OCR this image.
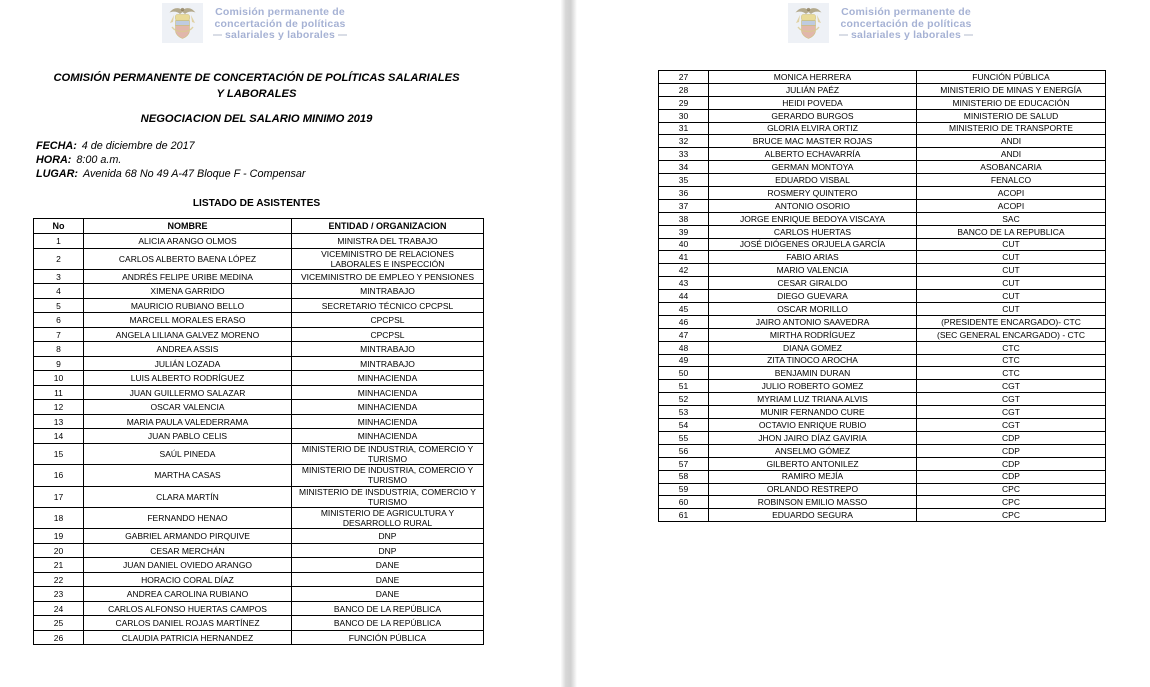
Comisión permanente de
concertación de políticas
salariales y laborales
COMISIÓN PERMANENTE DE CONCERTACIÓN DE POLÍTICAS SALARIALES
Y LABORALES
NEGOCIACION DEL SALARIO MINIMO 2019
FECHA: 4 de diciembre de 2017
HORA: 8:00 a.m.
LUGAR: Avenida 68 No 49 A-47 Bloque F - Compensar
LISTADO DE ASISTENTES
No	NOMBRE	ENTIDAD / ORGANIZACION
1	ALICIA ARANGO OLMOS	MINISTRA DEL TRABAJO
2	CARLOS ALBERTO BAENA LÓPEZ	VICEMINISTRO DE RELACIONES LABORALES E INSPECCIÓN
3	ANDRÉS FELIPE URIBE MEDINA	VICEMINISTRO DE EMPLEO Y PENSIONES
4	XIMENA GARRIDO	MINTRABAJO
5	MAURICIO RUBIANO BELLO	SECRETARIO TÉCNICO CPCPSL
6	MARCELL MORALES ERASO	CPCPSL
7	ANGELA LILIANA GALVEZ MORENO	CPCPSL
8	ANDREA ASSIS	MINTRABAJO
9	JULIÁN LOZADA	MINTRABAJO
10	LUIS ALBERTO RODRÍGUEZ	MINHACIENDA
11	JUAN GUILLERMO SALAZAR	MINHACIENDA
12	OSCAR VALENCIA	MINHACIENDA
13	MARIA PAULA VALEDERRAMA	MINHACIENDA
14	JUAN PABLO CELIS	MINHACIENDA
15	SAÚL PINEDA	MINISTERIO DE INDUSTRIA, COMERCIO Y TURISMO
16	MARTHA CASAS	MINISTERIO DE INDUSTRIA, COMERCIO Y TURISMO
17	CLARA MARTÍN	MINISTERIO DE INSDUSTRIA, COMERCIO Y TURISMO
18	FERNANDO HENAO	MINISTERIO DE AGRICULTURA Y DESARROLLO RURAL
19	GABRIEL ARMANDO PIRQUIVE	DNP
20	CESAR MERCHÁN	DNP
21	JUAN DANIEL OVIEDO ARANGO	DANE
22	HORACIO CORAL DÍAZ	DANE
23	ANDREA CAROLINA RUBIANO	DANE
24	CARLOS ALFONSO HUERTAS CAMPOS	BANCO DE LA REPÚBLICA
25	CARLOS DANIEL ROJAS MARTÍNEZ	BANCO DE LA REPÚBLICA
26	CLAUDIA PATRICIA HERNANDEZ	FUNCIÓN PÚBLICA
Comisión permanente de
concertación de políticas
salariales y laborales
27	MONICA HERRERA	FUNCIÓN PÚBLICA
28	JULIÁN PAÉZ	MINISTERIO DE MINAS Y ENERGÍA
29	HEIDI POVEDA	MINISTERIO DE EDUCACIÓN
30	GERARDO BURGOS	MINISTERIO DE SALUD
31	GLORIA ELVIRA ORTIZ	MINISTERIO DE TRANSPORTE
32	BRUCE MAC MASTER ROJAS	ANDI
33	ALBERTO ECHAVARRÍA	ANDI
34	GERMAN MONTOYA	ASOBANCARIA
35	EDUARDO VISBAL	FENALCO
36	ROSMERY QUINTERO	ACOPI
37	ANTONIO OSORIO	ACOPI
38	JORGE ENRIQUE BEDOYA VISCAYA	SAC
39	CARLOS HUERTAS	BANCO DE LA REPUBLICA
40	JOSÉ DIÓGENES ORJUELA GARCÍA	CUT
41	FABIO ARIAS	CUT
42	MARIO VALENCIA	CUT
43	CESAR GIRALDO	CUT
44	DIEGO GUEVARA	CUT
45	OSCAR MORILLO	CUT
46	JAIRO ANTONIO SAAVEDRA	(PRESIDENTE ENCARGADO)- CTC
47	MIRTHA RODRÍGUEZ	(SEC GENERAL ENCARGADO) - CTC
48	DIANA GOMEZ	CTC
49	ZITA TINOCO AROCHA	CTC
50	BENJAMIN DURAN	CTC
51	JULIO ROBERTO GOMEZ	CGT
52	MYRIAM LUZ TRIANA ALVIS	CGT
53	MUNIR FERNANDO CURE	CGT
54	OCTAVIO ENRIQUE RUBIO	CGT
55	JHON JAIRO DÍAZ GAVIRIA	CDP
56	ANSELMO GÓMEZ	CDP
57	GILBERTO ANTONILEZ	CDP
58	RAMIRO MEJÍA	CDP
59	ORLANDO RESTREPO	CPC
60	ROBINSON EMILIO MASSO	CPC
61	EDUARDO SEGURA	CPC
